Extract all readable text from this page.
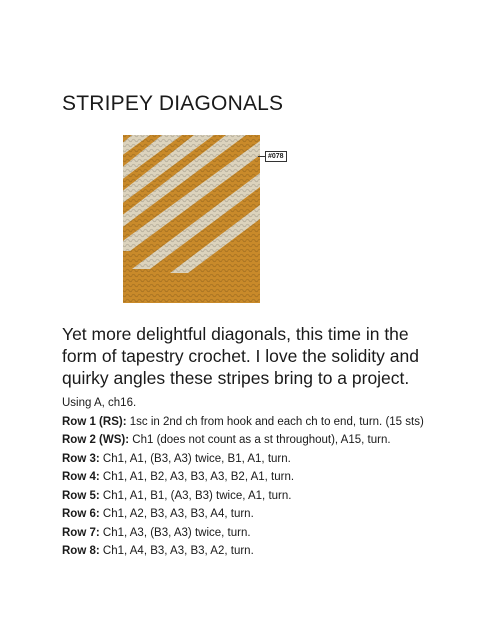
STRIPEY DIAGONALS
#078

Yet more delightful diagonals, this time in the form of tapestry crochet. I love the solidity and quirky angles these stripes bring to a project.

Using A, ch16.

Row 1 (RS): 1sc in 2nd ch from hook and each ch to end, turn. (15 sts)

Row 2 (WS): Ch1 (does not count as a st throughout), A15, turn.

Row 3: Ch1, A1, (B3, A3) twice, B1, A1, turn.

Row 4: Ch1, A1, B2, A3, B3, A3, B2, A1, turn.

Row 5: Ch1, A1, B1, (A3, B3) twice, A1, turn.

Row 6: Ch1, A2, B3, A3, B3, A4, turn.

Row 7: Ch1, A3, (B3, A3) twice, turn.

Row 8: Ch1, A4, B3, A3, B3, A2, turn.
